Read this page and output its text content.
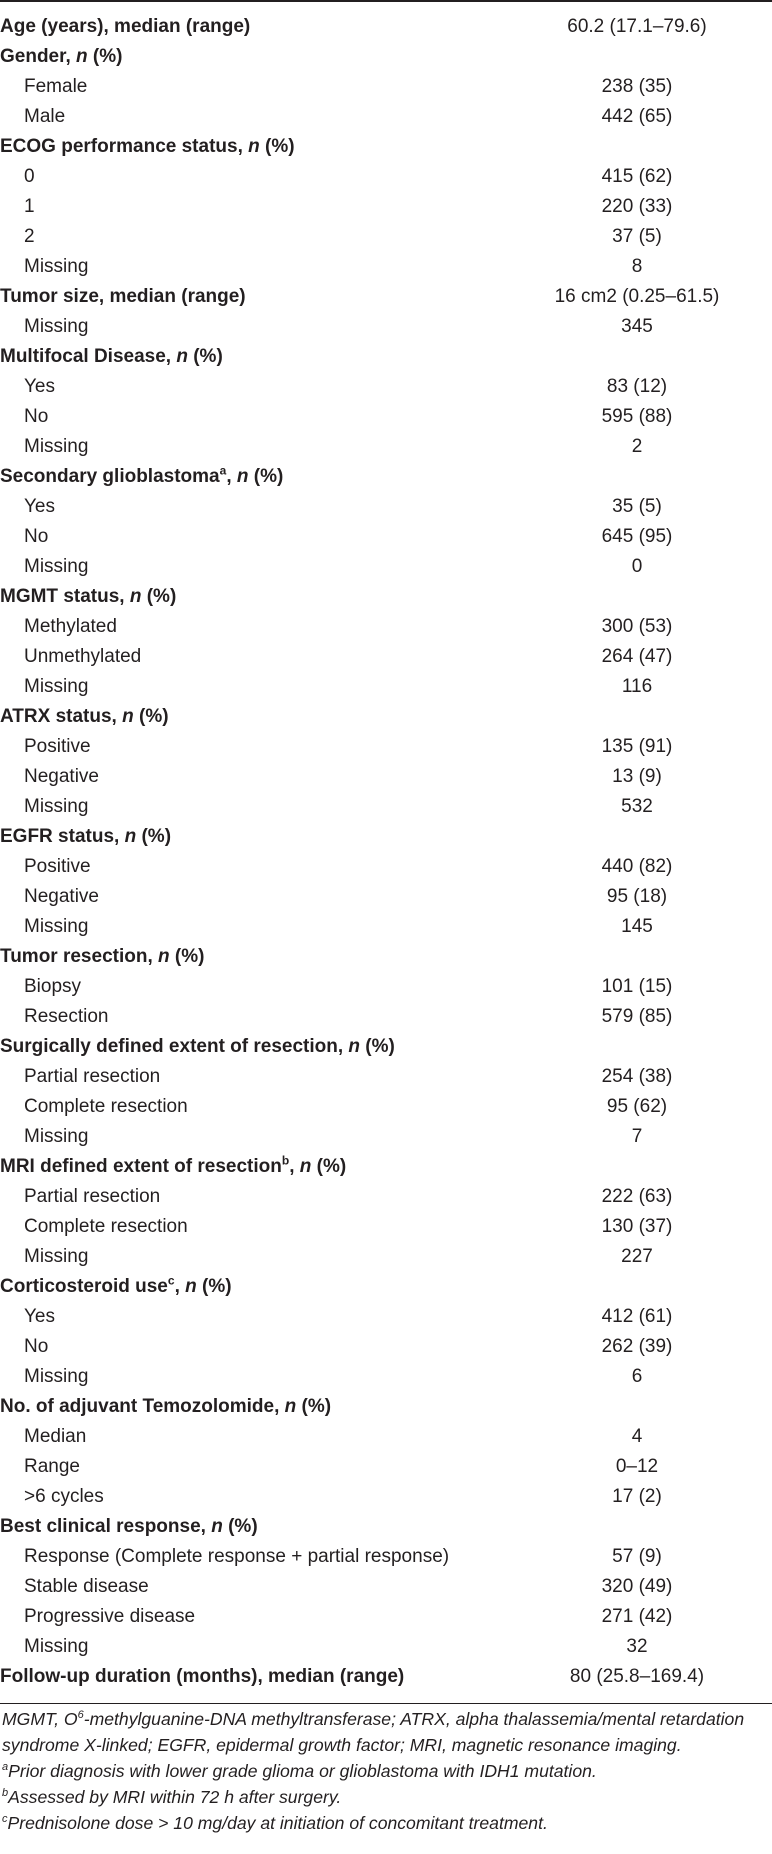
Age (years), median (range)	60.2 (17.1–79.6)
Gender, n (%)	
Female	238 (35)
Male	442 (65)
ECOG performance status, n (%)	
0	415 (62)
1	220 (33)
2	37 (5)
Missing	8
Tumor size, median (range)	16 cm2 (0.25–61.5)
Missing	345
Multifocal Disease, n (%)	
Yes	83 (12)
No	595 (88)
Missing	2
Secondary glioblastoma$^a$, n (%)	
Yes	35 (5)
No	645 (95)
Missing	0
MGMT status, n (%)	
Methylated	300 (53)
Unmethylated	264 (47)
Missing	116
ATRX status, n (%)	
Positive	135 (91)
Negative	13 (9)
Missing	532
EGFR status, n (%)	
Positive	440 (82)
Negative	95 (18)
Missing	145
Tumor resection, n (%)	
Biopsy	101 (15)
Resection	579 (85)
Surgically defined extent of resection, n (%)	
Partial resection	254 (38)
Complete resection	95 (62)
Missing	7
MRI defined extent of resection$^b$, n (%)	
Partial resection	222 (63)
Complete resection	130 (37)
Missing	227
Corticosteroid use$^c$, n (%)	
Yes	412 (61)
No	262 (39)
Missing	6
No. of adjuvant Temozolomide, n (%)	
Median	4
Range	0–12
>6 cycles	17 (2)
Best clinical response, n (%)	
Response (Complete response + partial response)	57 (9)
Stable disease	320 (49)
Progressive disease	271 (42)
Missing	32
Follow-up duration (months), median (range)	80 (25.8–169.4)

MGMT, $O^6-methylguanine$-DNA methyltransferase; ATRX, alpha thalassemia/mental retardation syndrome X-linked; EGFR, epidermal growth factor; MRI, magnetic resonance imaging.

$^a$Prior diagnosis with lower grade glioma or glioblastoma with IDH1 mutation.

$^b$Assessed by MRI within 72 h after surgery.

$^c$Prednisolone dose > 10 mg/day at initiation of concomitant treatment.
